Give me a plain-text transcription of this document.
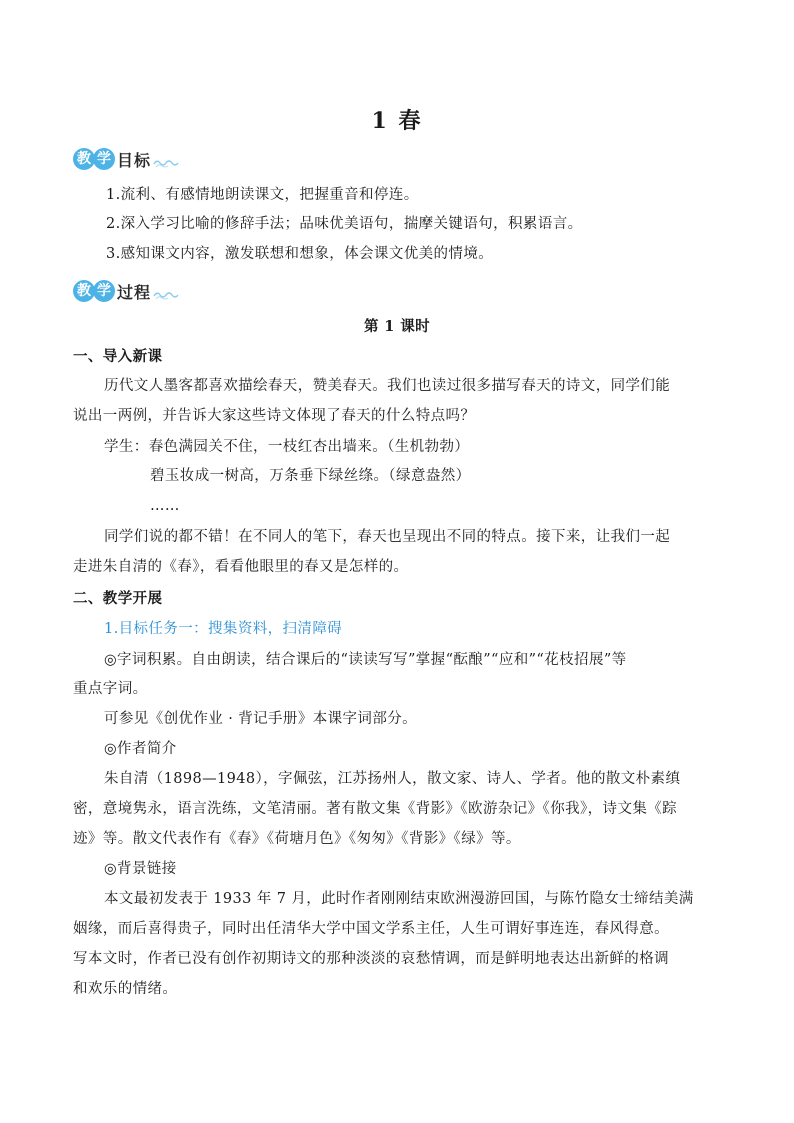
1 春
教 学 目标
1.流利、有感情地朗读课文，把握重音和停连。
2.深入学习比喻的修辞手法；品味优美语句，揣摩关键语句，积累语言。
3.感知课文内容，激发联想和想象，体会课文优美的情境。
教 学 过程
第 1 课时
一、导入新课
历代文人墨客都喜欢描绘春天，赞美春天。我们也读过很多描写春天的诗文，同学们能
说出一两例，并告诉大家这些诗文体现了春天的什么特点吗？
学生：春色满园关不住，一枝红杏出墙来。（生机勃勃）
碧玉妆成一树高，万条垂下绿丝绦。（绿意盎然）
……
同学们说的都不错！在不同人的笔下，春天也呈现出不同的特点。接下来，让我们一起
走进朱自清的《春》，看看他眼里的春又是怎样的。
二、教学开展
1.目标任务一：搜集资料，扫清障碍
◎字词积累。自由朗读，结合课后的“读读写写”掌握“酝酿”“应和”“花枝招展”等
重点字词。
可参见《创优作业 · 背记手册》本课字词部分。
◎作者简介
朱自清（1898—1948），字佩弦，江苏扬州人，散文家、诗人、学者。他的散文朴素缜
密，意境隽永，语言洗练，文笔清丽。著有散文集《背影》《欧游杂记》《你我》，诗文集《踪
迹》等。散文代表作有《春》《荷塘月色》《匆匆》《背影》《绿》等。
◎背景链接
本文最初发表于 1933 年 7 月，此时作者刚刚结束欧洲漫游回国，与陈竹隐女士缔结美满
姻缘，而后喜得贵子，同时出任清华大学中国文学系主任，人生可谓好事连连，春风得意。
写本文时，作者已没有创作初期诗文的那种淡淡的哀愁情调，而是鲜明地表达出新鲜的格调
和欢乐的情绪。
